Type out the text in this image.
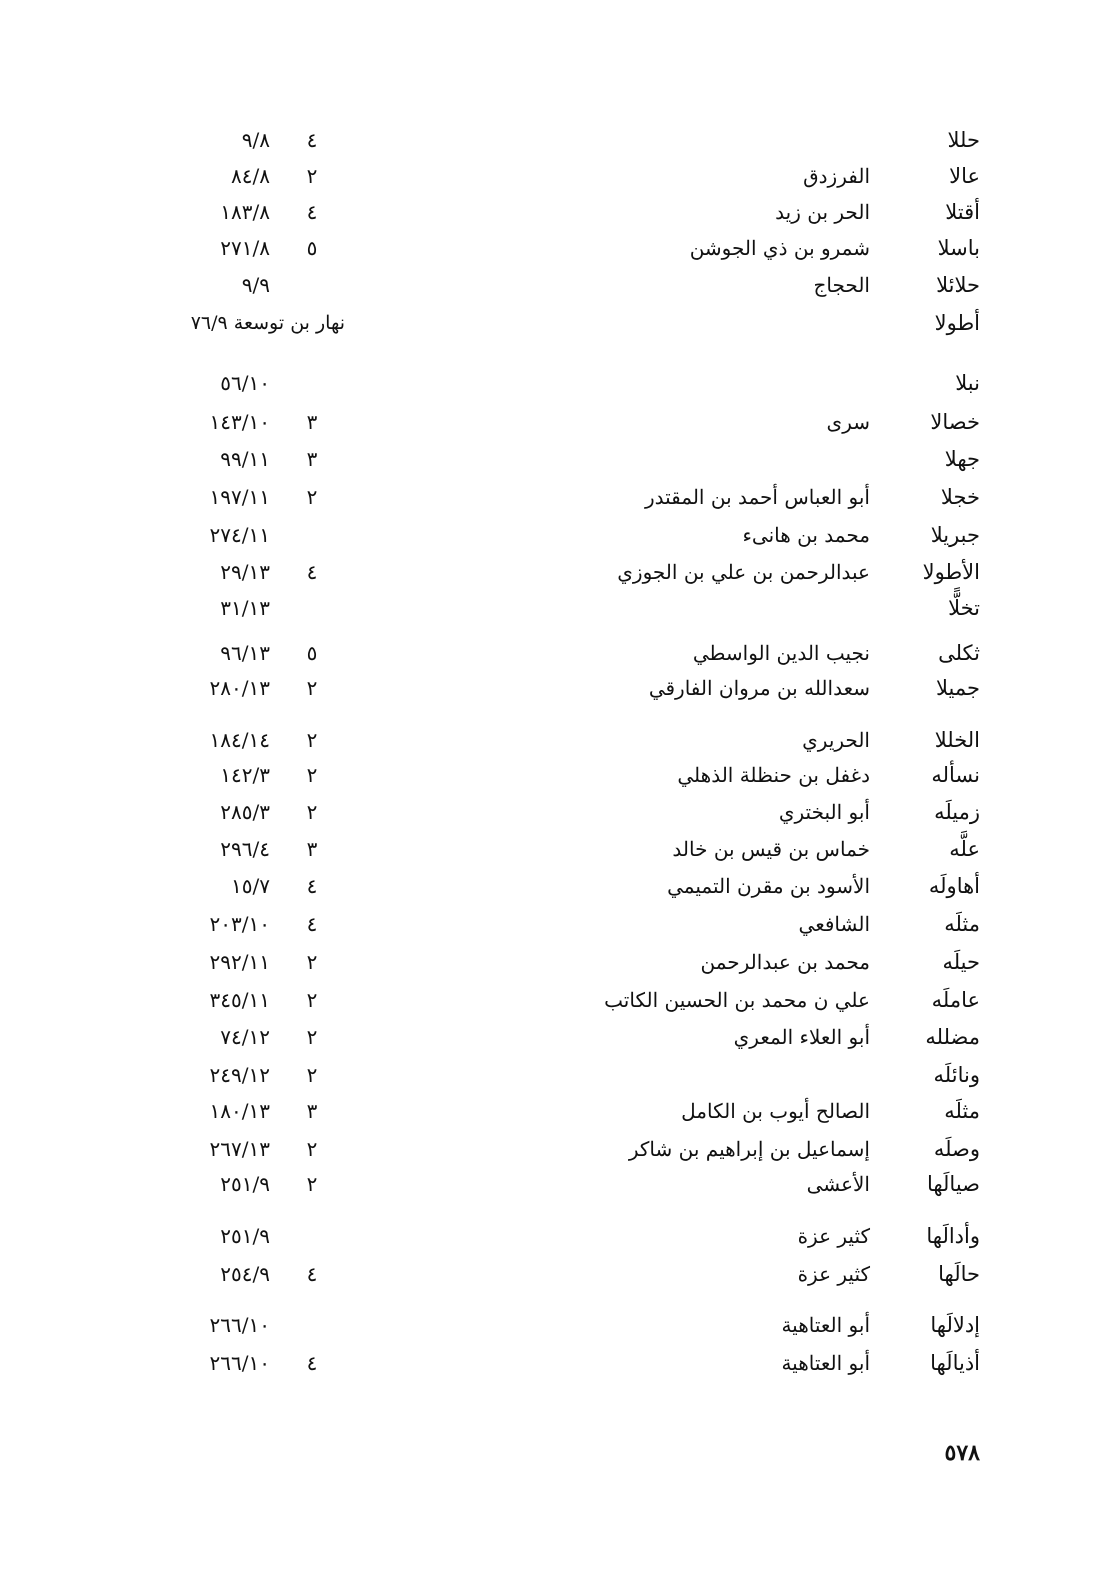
٥٧٨
حللا
٤
٩/٨
عالا
الفرزدق
٢
٨٤/٨
أقتلا
الحر بن زيد
٤
١٨٣/٨
باسلا
شمرو بن ذي الجوشن
٥
٢٧١/٨
حلائلا
الحجاج
٩/٩
أطولا
نهار بن توسعة ٧٦/٩
نبلا
٥٦/١٠
خصالا
سرى
٣
١٤٣/١٠
جهلا
٣
٩٩/١١
خجلا
أبو العباس أحمد بن المقتدر
٢
١٩٧/١١
جبريلا
محمد بن هانىء
٢٧٤/١١
الأطولا
عبدالرحمن بن علي بن الجوزي
٤
٢٩/١٣
تخلًّا
٣١/١٣
ثكلى
نجيب الدين الواسطي
٥
٩٦/١٣
جميلا
سعدالله بن مروان الفارقي
٢
٢٨٠/١٣
الخللا
الحريري
٢
١٨٤/١٤
نسأله
دغفل بن حنظلة الذهلي
٢
١٤٢/٣
زميلَه
أبو البختري
٢
٢٨٥/٣
علَّه
خماس بن قيس بن خالد
٣
٢٩٦/٤
أهاولَه
الأسود بن مقرن التميمي
٤
١٥/٧
مثلَه
الشافعي
٤
٢٠٣/١٠
حيلَه
محمد بن عبدالرحمن
٢
٢٩٢/١١
عاملَه
علي ن محمد بن الحسين الكاتب
٢
٣٤٥/١١
مضلله
أبو العلاء المعري
٢
٧٤/١٢
ونائلَه
٢
٢٤٩/١٢
مثلَه
الصالح أيوب بن الكامل
٣
١٨٠/١٣
وصلَه
إسماعيل بن إبراهيم بن شاكر
٢
٢٦٧/١٣
صيالَها
الأعشى
٢
٢٥١/٩
وأدالَها
كثير عزة
٢٥١/٩
حالَها
كثير عزة
٤
٢٥٤/٩
إدلالَها
أبو العتاهية
٢٦٦/١٠
أذيالَها
أبو العتاهية
٤
٢٦٦/١٠
